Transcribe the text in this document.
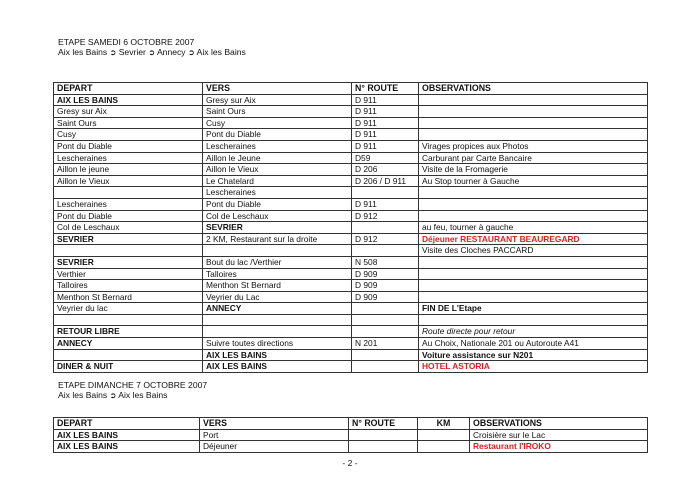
ETAPE SAMEDI 6 OCTOBRE 2007
Aix les Bains ➲ Sevrier ➲ Annecy ➲ Aix les Bains
DEPART	VERS	N° ROUTE	OBSERVATIONS
AIX LES BAINS	Gresy sur Aix	D 911	
Gresy sur Aix	Saint Ours	D 911	
Saint Ours	Cusy	D 911	
Cusy	Pont du Diable	D 911	
Pont du Diable	Lescheraines	D 911	Virages propices aux Photos
Lescheraines	Aillon le Jeune	D59	Carburant par Carte Bancaire
Aillon le jeune	Aillon le Vieux	D 206	Visite de la Fromagerie
Aillon le Vieux	Le Chatelard	D 206 / D 911	Au Stop tourner à Gauche
	Lescheraines		
Lescheraines	Pont du Diable	D 911	
Pont du Diable	Col de Leschaux	D 912	
Col de Leschaux	SEVRIER		au feu, tourner à gauche
SEVRIER	2 KM, Restaurant sur la droite	D 912	Déjeuner RESTAURANT BEAUREGARD
			Visite des Cloches PACCARD
SEVRIER	Bout du lac /Verthier	N 508	
Verthier	Talloires	D 909	
Talloires	Menthon St Bernard	D 909	
Menthon St Bernard	Veyrier du Lac	D 909	
Veyrier du lac	ANNECY		FIN DE L'Etape

RETOUR LIBRE			Route directe pour retour
ANNECY	Suivre toutes directions	N 201	Au Choix, Nationale 201 ou Autoroute A41
	AIX LES BAINS		Voiture assistance sur N201
DINER & NUIT	AIX LES BAINS		HOTEL ASTORIA
ETAPE DIMANCHE 7 OCTOBRE 2007
Aix les Bains ➲ Aix les Bains
DEPART	VERS	N° ROUTE	KM	OBSERVATIONS
AIX LES BAINS	Port			Croisière sur le Lac
AIX LES BAINS	Déjeuner			Restaurant l'IROKO
- 2 -
